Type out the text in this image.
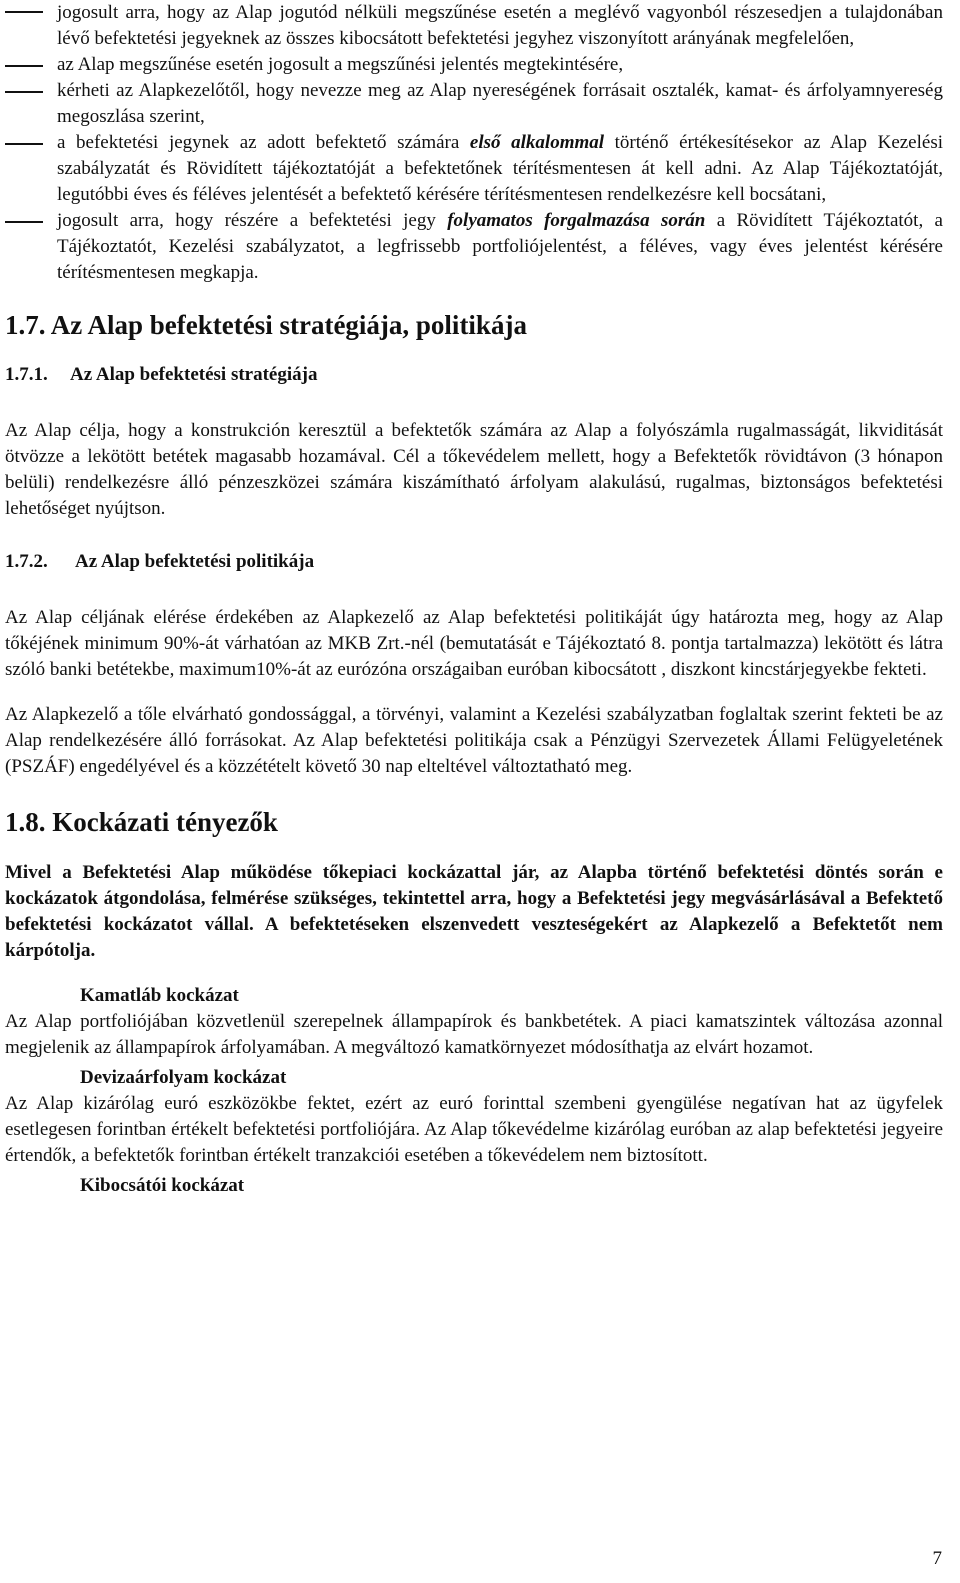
jogosult arra, hogy az Alap jogutód nélküli megszűnése esetén a meglévő vagyonból részesedjen a tulajdonában lévő befektetési jegyeknek az összes kibocsátott befektetési jegyhez viszonyított arányának megfelelően,

az Alap megszűnése esetén jogosult a megszűnési jelentés megtekintésére,

kérheti az Alapkezelőtől, hogy nevezze meg az Alap nyereségének forrásait osztalék, kamat- és árfolyamnyereség megoszlása szerint,

a befektetési jegynek az adott befektető számára első alkalommal történő értékesítésekor az Alap Kezelési szabályzatát és Rövidített tájékoztatóját a befektetőnek térítésmentesen át kell adni. Az Alap Tájékoztatóját, legutóbbi éves és féléves jelentését a befektető kérésére térítésmentesen rendelkezésre kell bocsátani,

jogosult arra, hogy részére a befektetési jegy folyamatos forgalmazása során a Rövidített Tájékoztatót, a Tájékoztatót, Kezelési szabályzatot, a legfrissebb portfoliójelentést, a féléves, vagy éves jelentést kérésére térítésmentesen megkapja.

1.7. Az Alap befektetési stratégiája, politikája
1.7.1.	Az Alap befektetési stratégiája

Az Alap célja, hogy a konstrukción keresztül a befektetők számára az Alap a folyószámla rugalmasságát, likviditását ötvözze a lekötött betétek magasabb hozamával. Cél a tőkevédelem mellett, hogy a Befektetők rövidtávon (3 hónapon belüli) rendelkezésre álló pénzeszközei számára kiszámítható árfolyam alakulású, rugalmas, biztonságos befektetési lehetőséget nyújtson.

1.7.2.	Az Alap befektetési politikája

Az Alap céljának elérése érdekében az Alapkezelő az Alap befektetési politikáját úgy határozta meg, hogy az Alap tőkéjének minimum 90%-át várhatóan az MKB Zrt.-nél (bemutatását e Tájékoztató 8. pontja tartalmazza) lekötött és látra szóló banki betétekbe, maximum10%-át az eurózóna országaiban euróban kibocsátott , diszkont kincstárjegyekbe fekteti.

Az Alapkezelő a tőle elvárható gondossággal, a törvényi, valamint a Kezelési szabályzatban foglaltak szerint fekteti be az Alap rendelkezésére álló forrásokat. Az Alap befektetési politikája csak a Pénzügyi Szervezetek Állami Felügyeletének (PSZÁF) engedélyével és a közzétételt követő 30 nap elteltével változtatható meg.

1.8. Kockázati tényezők

Mivel a Befektetési Alap működése tőkepiaci kockázattal jár, az Alapba történő befektetési döntés során e kockázatok átgondolása, felmérése szükséges, tekintettel arra, hogy a Befektetési jegy megvásárlásával a Befektető befektetési kockázatot vállal. A befektetéseken elszenvedett veszteségekért az Alapkezelő a Befektetőt nem kárpótolja.

Kamatláb kockázat

Az Alap portfoliójában közvetlenül szerepelnek állampapírok és bankbetétek. A piaci kamatszintek változása azonnal megjelenik az állampapírok árfolyamában. A megváltozó kamatkörnyezet módosíthatja az elvárt hozamot.

Devizaárfolyam kockázat

Az Alap kizárólag euró eszközökbe fektet, ezért az euró forinttal szembeni gyengülése negatívan hat az ügyfelek esetlegesen forintban értékelt befektetési portfoliójára. Az Alap tőkevédelme kizárólag euróban az alap befektetési jegyeire értendők, a befektetők forintban értékelt tranzakciói esetében a tőkevédelem nem biztosított.

Kibocsátói kockázat

7
